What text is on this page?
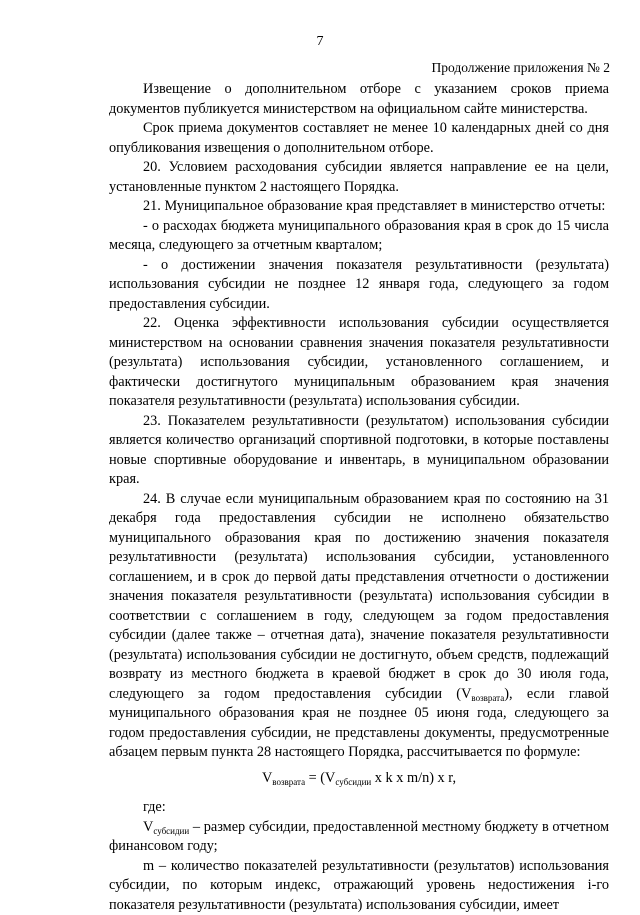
7
Продолжение приложения № 2

Извещение о дополнительном отборе с указанием сроков приема документов публикуется министерством на официальном сайте министерства.

Срок приема документов составляет не менее 10 календарных дней со дня опубликования извещения о дополнительном отборе.

20. Условием расходования субсидии является направление ее на цели, установленные пунктом 2 настоящего Порядка.

21. Муниципальное образование края представляет в министерство отчеты:

- о расходах бюджета муниципального образования края в срок до 15 числа месяца, следующего за отчетным кварталом;

- о достижении значения показателя результативности (результата) использования субсидии не позднее 12 января года, следующего за годом предоставления субсидии.

22. Оценка эффективности использования субсидии осуществляется министерством на основании сравнения значения показателя результативности (результата) использования субсидии, установленного соглашением, и фактически достигнутого муниципальным образованием края значения показателя результативности (результата) использования субсидии.

23. Показателем результативности (результатом) использования субсидии является количество организаций спортивной подготовки, в которые поставлены новые спортивные оборудование и инвентарь, в муниципальном образовании края.

24. В случае если муниципальным образованием края по состоянию на 31 декабря года предоставления субсидии не исполнено обязательство муниципального образования края по достижению значения показателя результативности (результата) использования субсидии, установленного соглашением, и в срок до первой даты представления отчетности о достижении значения показателя результативности (результата) использования субсидии в соответствии с соглашением в году, следующем за годом предоставления субсидии (далее также – отчетная дата), значение показателя результативности (результата) использования субсидии не достигнуто, объем средств, подлежащий возврату из местного бюджета в краевой бюджет в срок до 30 июля года, следующего за годом предоставления субсидии $(V_{возврата})$, если главой муниципального образования края не позднее 05 июня года, следующего за годом предоставления субсидии, не представлены документы, предусмотренные абзацем первым пункта 28 настоящего Порядка, рассчитывается по формуле:

$V_{возврата} = (V_{субсидии}$ x k x m/n) x r,

где:

$V_{субсидии}$ – размер субсидии, предоставленной местному бюджету в отчетном финансовом году;

m – количество показателей результативности (результатов) использования субсидии, по которым индекс, отражающий уровень недостижения i-го показателя результативности (результата) использования субсидии, имеет
